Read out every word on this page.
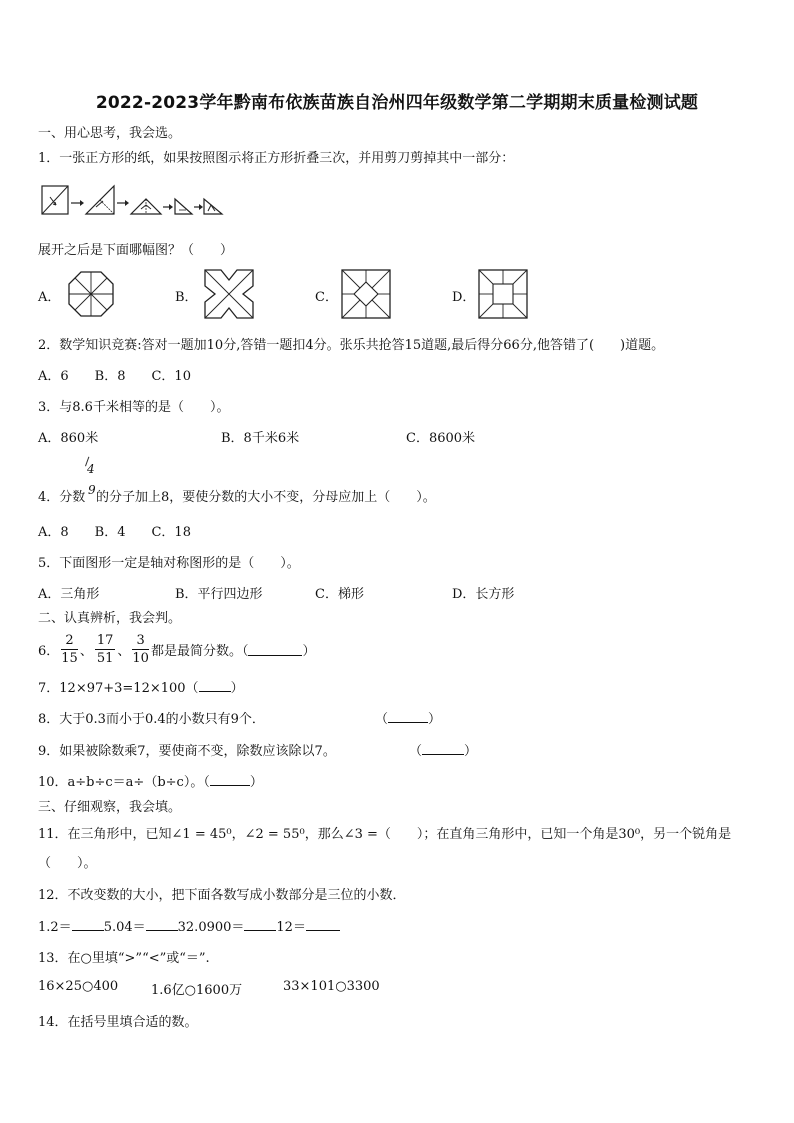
2022-2023学年黔南布依族苗族自治州四年级数学第二学期期末质量检测试题
一、用心思考，我会选。
1．一张正方形的纸，如果按照图示将正方形折叠三次，并用剪刀剪掉其中一部分：
展开之后是下面哪幅图？（　　）
A．	B．	C．	D．
2．数学知识竞赛:答对一题加10分,答错一题扣4分。张乐共抢答15道题,最后得分66分,他答错了(　　)道题。
A．6　　B．8　　C．10
3．与8.6千米相等的是（　　）。
A．860米	B．8千米6米	C．8600米
4．分数
4
9 的分子加上8，要使分数的大小不变，分母应加上（　　）。
A．8　　B．4　　C．18
5．下面图形一定是轴对称图形的是（　　）。
A．三角形	B．平行四边形	C．梯形	D．长方形
二、认真辨析，我会判。
6． $\frac{2}{15}$ 、 $\frac{17}{51}$ 、 $\frac{3}{10}$ 都是最简分数。（	）
7．12×97+3=12×100（ ）
8．大于0.3而小于0.4的小数只有9个．	（	）
9．如果被除数乘7，要使商不变，除数应该除以7。	（	）
10．a÷b÷c＝a÷（b÷c）。（	）
三、仔细观察，我会填。
11．在三角形中，已知∠1 = 45⁰，∠2 = 55⁰，那么∠3 =（　　）；在直角三角形中，已知一个角是30⁰，另一个锐角是
（　　）。
12．不改变数的大小，把下面各数写成小数部分是三位的小数．
1.2＝ 5.04＝ 32.0900＝ 12＝
13．在○里填“>”“<”或“＝”.
16×25○400	1.6亿○1600万	33×101○3300
14．在括号里填合适的数。
